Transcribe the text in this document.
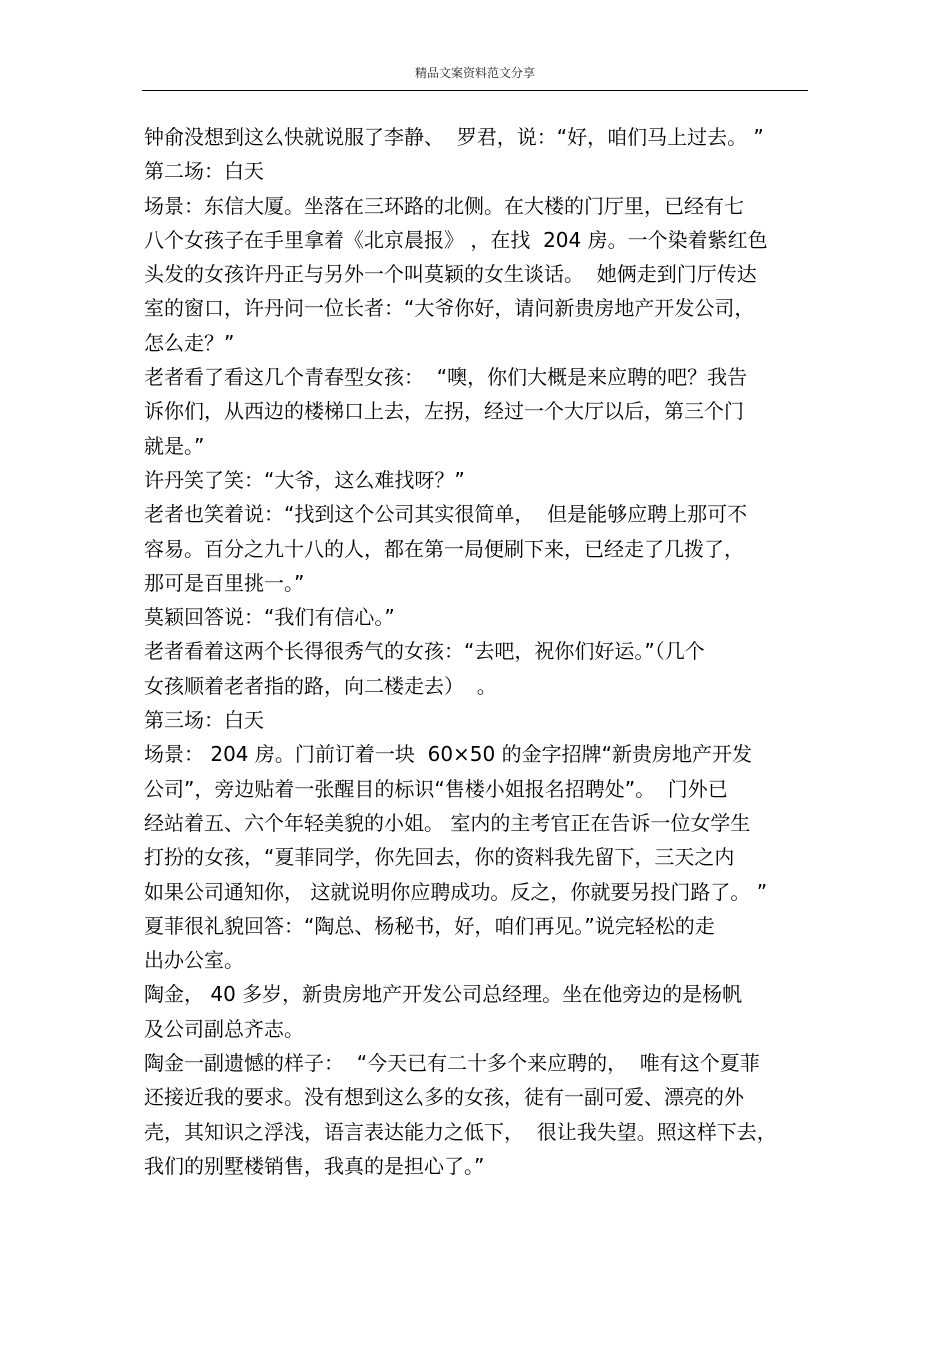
精品文案资料范文分享
钟俞没想到这么快就说服了李静、  罗君，说：“好，咱们马上过去。 ”
第二场：白天
场景：东信大厦。坐落在三环路的北侧。在大楼的门厅里，已经有七
八个女孩子在手里拿着《北京晨报》 ，在找  204 房。一个染着紫红色
头发的女孩许丹正与另外一个叫莫颖的女生谈话。  她俩走到门厅传达
室的窗口，许丹问一位长者：“大爷你好，请问新贵房地产开发公司，
怎么走？”
老者看了看这几个青春型女孩：  “噢，你们大概是来应聘的吧？我告
诉你们，从西边的楼梯口上去，左拐，经过一个大厅以后，第三个门
就是。”
许丹笑了笑：“大爷，这么难找呀？”
老者也笑着说：“找到这个公司其实很简单，  但是能够应聘上那可不
容易。百分之九十八的人，都在第一局便刷下来，已经走了几拨了，
那可是百里挑一。”
莫颖回答说：“我们有信心。”
老者看着这两个长得很秀气的女孩：“去吧，祝你们好运。”（几个
女孩顺着老者指的路，向二楼走去）  。
第三场：白天
场景： 204 房。门前订着一块  60×50 的金字招牌“新贵房地产开发
公司”，旁边贴着一张醒目的标识“售楼小姐报名招聘处”。  门外已
经站着五、六个年轻美貌的小姐。 室内的主考官正在告诉一位女学生
打扮的女孩，“夏菲同学，你先回去，你的资料我先留下，三天之内
如果公司通知你， 这就说明你应聘成功。反之，你就要另投门路了。 ”
夏菲很礼貌回答：“陶总、杨秘书，好，咱们再见。”说完轻松的走
出办公室。
陶金， 40 多岁，新贵房地产开发公司总经理。坐在他旁边的是杨帆
及公司副总齐志。
陶金一副遗憾的样子：  “今天已有二十多个来应聘的，  唯有这个夏菲
还接近我的要求。没有想到这么多的女孩，徒有一副可爱、漂亮的外
壳，其知识之浮浅，语言表达能力之低下，  很让我失望。照这样下去，
我们的别墅楼销售，我真的是担心了。”
